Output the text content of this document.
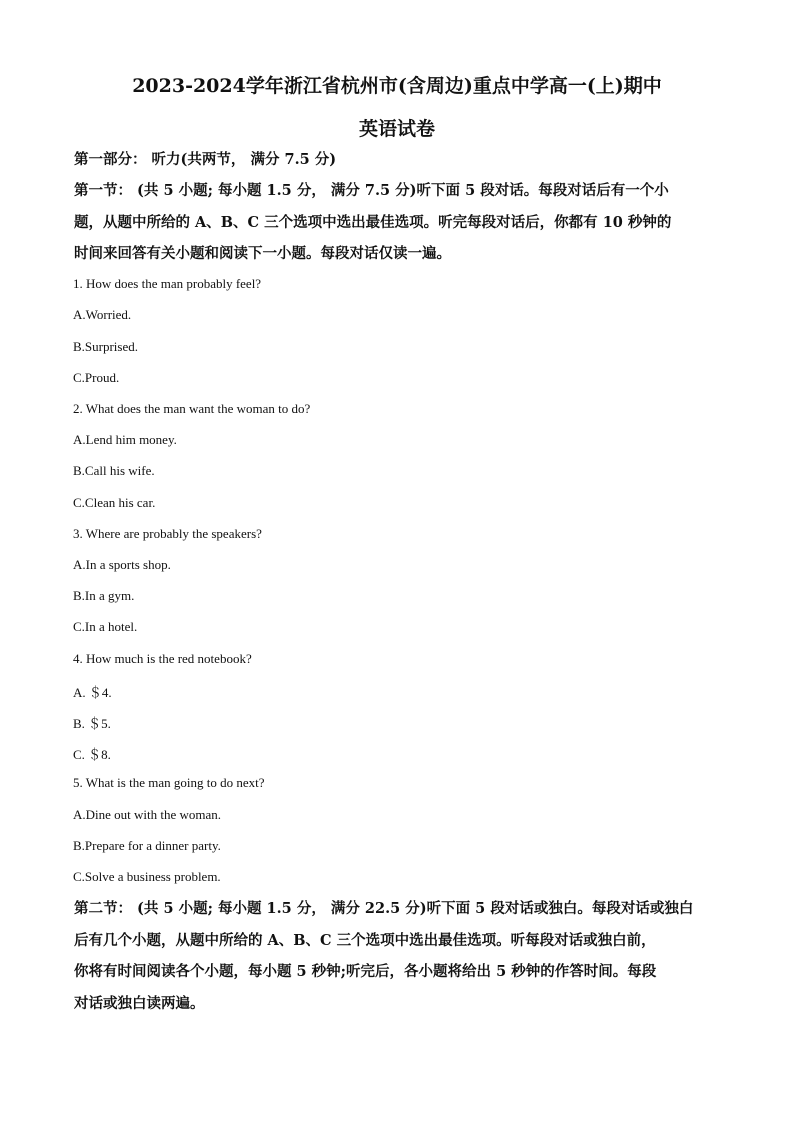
2023-2024学年浙江省杭州市(含周边)重点中学高一(上)期中
英语试卷
第一部分： 听力(共两节， 满分 7.5 分)
第一节： (共 5 小题; 每小题 1.5 分， 满分 7.5 分)听下面 5 段对话。每段对话后有一个小
题，从题中所给的 A、B、C 三个选项中选出最佳选项。听完每段对话后，你都有 10 秒钟的
时间来回答有关小题和阅读下一小题。每段对话仅读一遍。
1. How does the man probably feel?
A.Worried.
B.Surprised.
C.Proud.
2. What does the man want the woman to do?
A.Lend him money.
B.Call his wife.
C.Clean his car.
3. Where are probably the speakers?
A.In a sports shop.
B.In a gym.
C.In a hotel.
4. How much is the red notebook?
A. ＄4.
B. ＄5.
C. ＄8.
5. What is the man going to do next?
A.Dine out with the woman.
B.Prepare for a dinner party.
C.Solve a business problem.
第二节： (共 5 小题; 每小题 1.5 分， 满分 22.5 分)听下面 5 段对话或独白。每段对话或独白
后有几个小题，从题中所给的 A、B、C 三个选项中选出最佳选项。听每段对话或独白前，
你将有时间阅读各个小题，每小题 5 秒钟;听完后，各小题将给出 5 秒钟的作答时间。每段
对话或独白读两遍。
